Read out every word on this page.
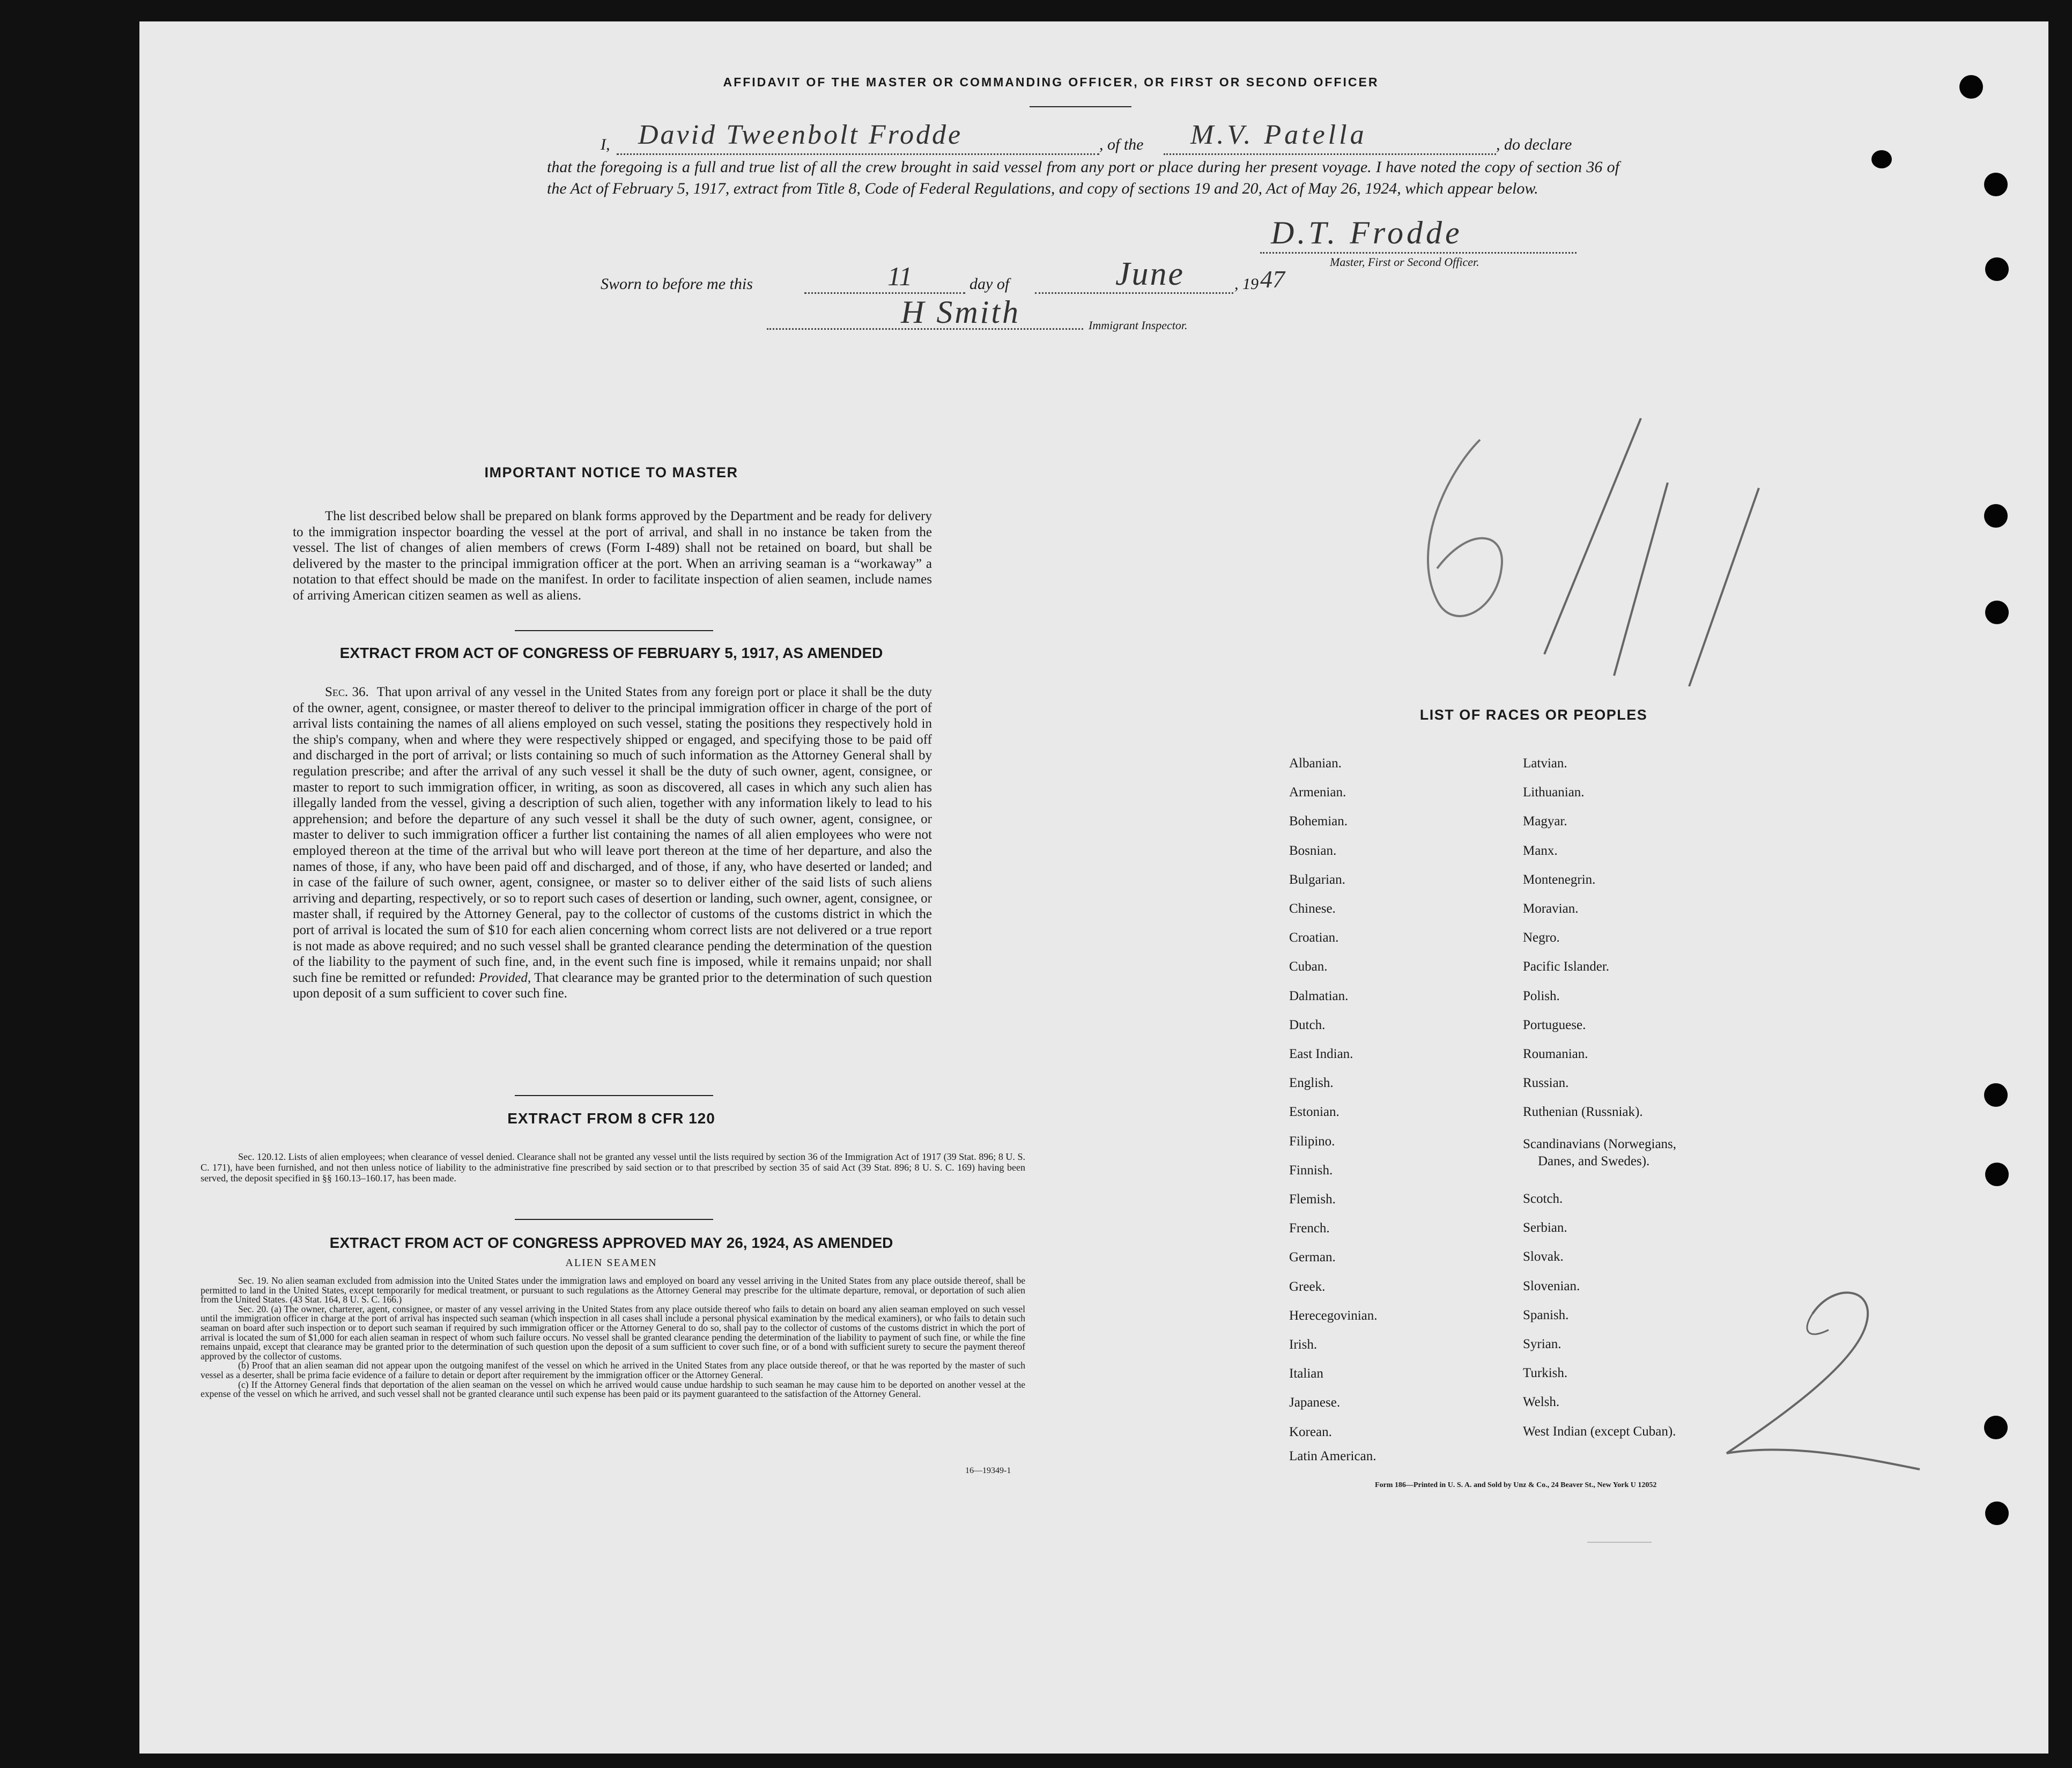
AFFIDAVIT OF THE MASTER OR COMMANDING OFFICER, OR FIRST OR SECOND OFFICER
I, David Tweenbolt Frodde	, of the M.V. Patella	, do declare
that the foregoing is a full and true list of all the crew brought in said vessel from any port or place during her present voyage. I have noted the copy of section 36 of the Act of February 5, 1917, extract from Title 8, Code of Federal Regulations, and copy of sections 19 and 20, Act of May 26, 1924, which appear below.
D.T. Frodde
Master, First or Second Officer.
Sworn to before me this	11	day of	June	, 19 47
H Smith	Immigrant Inspector.
IMPORTANT NOTICE TO MASTER
The list described below shall be prepared on blank forms approved by the Department and be ready for delivery to the immigration inspector boarding the vessel at the port of arrival, and shall in no instance be taken from the vessel. The list of changes of alien members of crews (Form I-489) shall not be retained on board, but shall be delivered by the master to the principal immigration officer at the port. When an arriving seaman is a “workaway” a notation to that effect should be made on the manifest. In order to facilitate inspection of alien seamen, include names of arriving American citizen seamen as well as aliens.
EXTRACT FROM ACT OF CONGRESS OF FEBRUARY 5, 1917, AS AMENDED
Sec. 36. That upon arrival of any vessel in the United States from any foreign port or place it shall be the duty of the owner, agent, consignee, or master thereof to deliver to the principal immigration officer in charge of the port of arrival lists containing the names of all aliens employed on such vessel, stating the positions they respectively hold in the ship's company, when and where they were respectively shipped or engaged, and specifying those to be paid off and discharged in the port of arrival; or lists containing so much of such information as the Attorney General shall by regulation prescribe; and after the arrival of any such vessel it shall be the duty of such owner, agent, consignee, or master to report to such immigration officer, in writing, as soon as discovered, all cases in which any such alien has illegally landed from the vessel, giving a description of such alien, together with any information likely to lead to his apprehension; and before the departure of any such vessel it shall be the duty of such owner, agent, consignee, or master to deliver to such immigration officer a further list containing the names of all alien employees who were not employed thereon at the time of the arrival but who will leave port thereon at the time of her departure, and also the names of those, if any, who have been paid off and discharged, and of those, if any, who have deserted or landed; and in case of the failure of such owner, agent, consignee, or master so to deliver either of the said lists of such aliens arriving and departing, respectively, or so to report such cases of desertion or landing, such owner, agent, consignee, or master shall, if required by the Attorney General, pay to the collector of customs of the customs district in which the port of arrival is located the sum of $10 for each alien concerning whom correct lists are not delivered or a true report is not made as above required; and no such vessel shall be granted clearance pending the determination of the question of the liability to the payment of such fine, and, in the event such fine is imposed, while it remains unpaid; nor shall such fine be remitted or refunded: Provided, That clearance may be granted prior to the determination of such question upon deposit of a sum sufficient to cover such fine.
EXTRACT FROM 8 CFR 120
Sec. 120.12. Lists of alien employees; when clearance of vessel denied. Clearance shall not be granted any vessel until the lists required by section 36 of the Immigration Act of 1917 (39 Stat. 896; 8 U. S. C. 171), have been furnished, and not then unless notice of liability to the administrative fine prescribed by said section or to that prescribed by section 35 of said Act (39 Stat. 896; 8 U. S. C. 169) having been served, the deposit specified in §§ 160.13–160.17, has been made.
EXTRACT FROM ACT OF CONGRESS APPROVED MAY 26, 1924, AS AMENDED
ALIEN SEAMEN
Sec. 19. No alien seaman excluded from admission into the United States under the immigration laws and employed on board any vessel arriving in the United States from any place outside thereof, shall be permitted to land in the United States, except temporarily for medical treatment, or pursuant to such regulations as the Attorney General may prescribe for the ultimate departure, removal, or deportation of such alien from the United States. (43 Stat. 164, 8 U. S. C. 166.)
Sec. 20. (a) The owner, charterer, agent, consignee, or master of any vessel arriving in the United States from any place outside thereof who fails to detain on board any alien seaman employed on such vessel until the immigration officer in charge at the port of arrival has inspected such seaman (which inspection in all cases shall include a personal physical examination by the medical examiners), or who fails to detain such seaman on board after such inspection or to deport such seaman if required by such immigration officer or the Attorney General to do so, shall pay to the collector of customs of the customs district in which the port of arrival is located the sum of $1,000 for each alien seaman in respect of whom such failure occurs. No vessel shall be granted clearance pending the determination of the liability to payment of such fine, or while the fine remains unpaid, except that clearance may be granted prior to the determination of such question upon the deposit of a sum sufficient to cover such fine, or of a bond with sufficient surety to secure the payment thereof approved by the collector of customs.
(b) Proof that an alien seaman did not appear upon the outgoing manifest of the vessel on which he arrived in the United States from any place outside thereof, or that he was reported by the master of such vessel as a deserter, shall be prima facie evidence of a failure to detain or deport after requirement by the immigration officer or the Attorney General.
(c) If the Attorney General finds that deportation of the alien seaman on the vessel on which he arrived would cause undue hardship to such seaman he may cause him to be deported on another vessel at the expense of the vessel on which he arrived, and such vessel shall not be granted clearance until such expense has been paid or its payment guaranteed to the satisfaction of the Attorney General.
16—19349-1
LIST OF RACES OR PEOPLES
Albanian.
Armenian.
Bohemian.
Bosnian.
Bulgarian.
Chinese.
Croatian.
Cuban.
Dalmatian.
Dutch.
East Indian.
English.
Estonian.
Filipino.
Finnish.
Flemish.
French.
German.
Greek.
Herecegovinian.
Irish.
Italian
Japanese.
Korean.
Latin American.
Latvian.
Lithuanian.
Magyar.
Manx.
Montenegrin.
Moravian.
Negro.
Pacific Islander.
Polish.
Portuguese.
Roumanian.
Russian.
Ruthenian (Russniak).
Scandinavians (Norwegians,
Danes, and Swedes).
Scotch.
Serbian.
Slovak.
Slovenian.
Spanish.
Syrian.
Turkish.
Welsh.
West Indian (except Cuban).
Form 186—Printed in U. S. A. and Sold by Unz & Co., 24 Beaver St., New York U 12052
